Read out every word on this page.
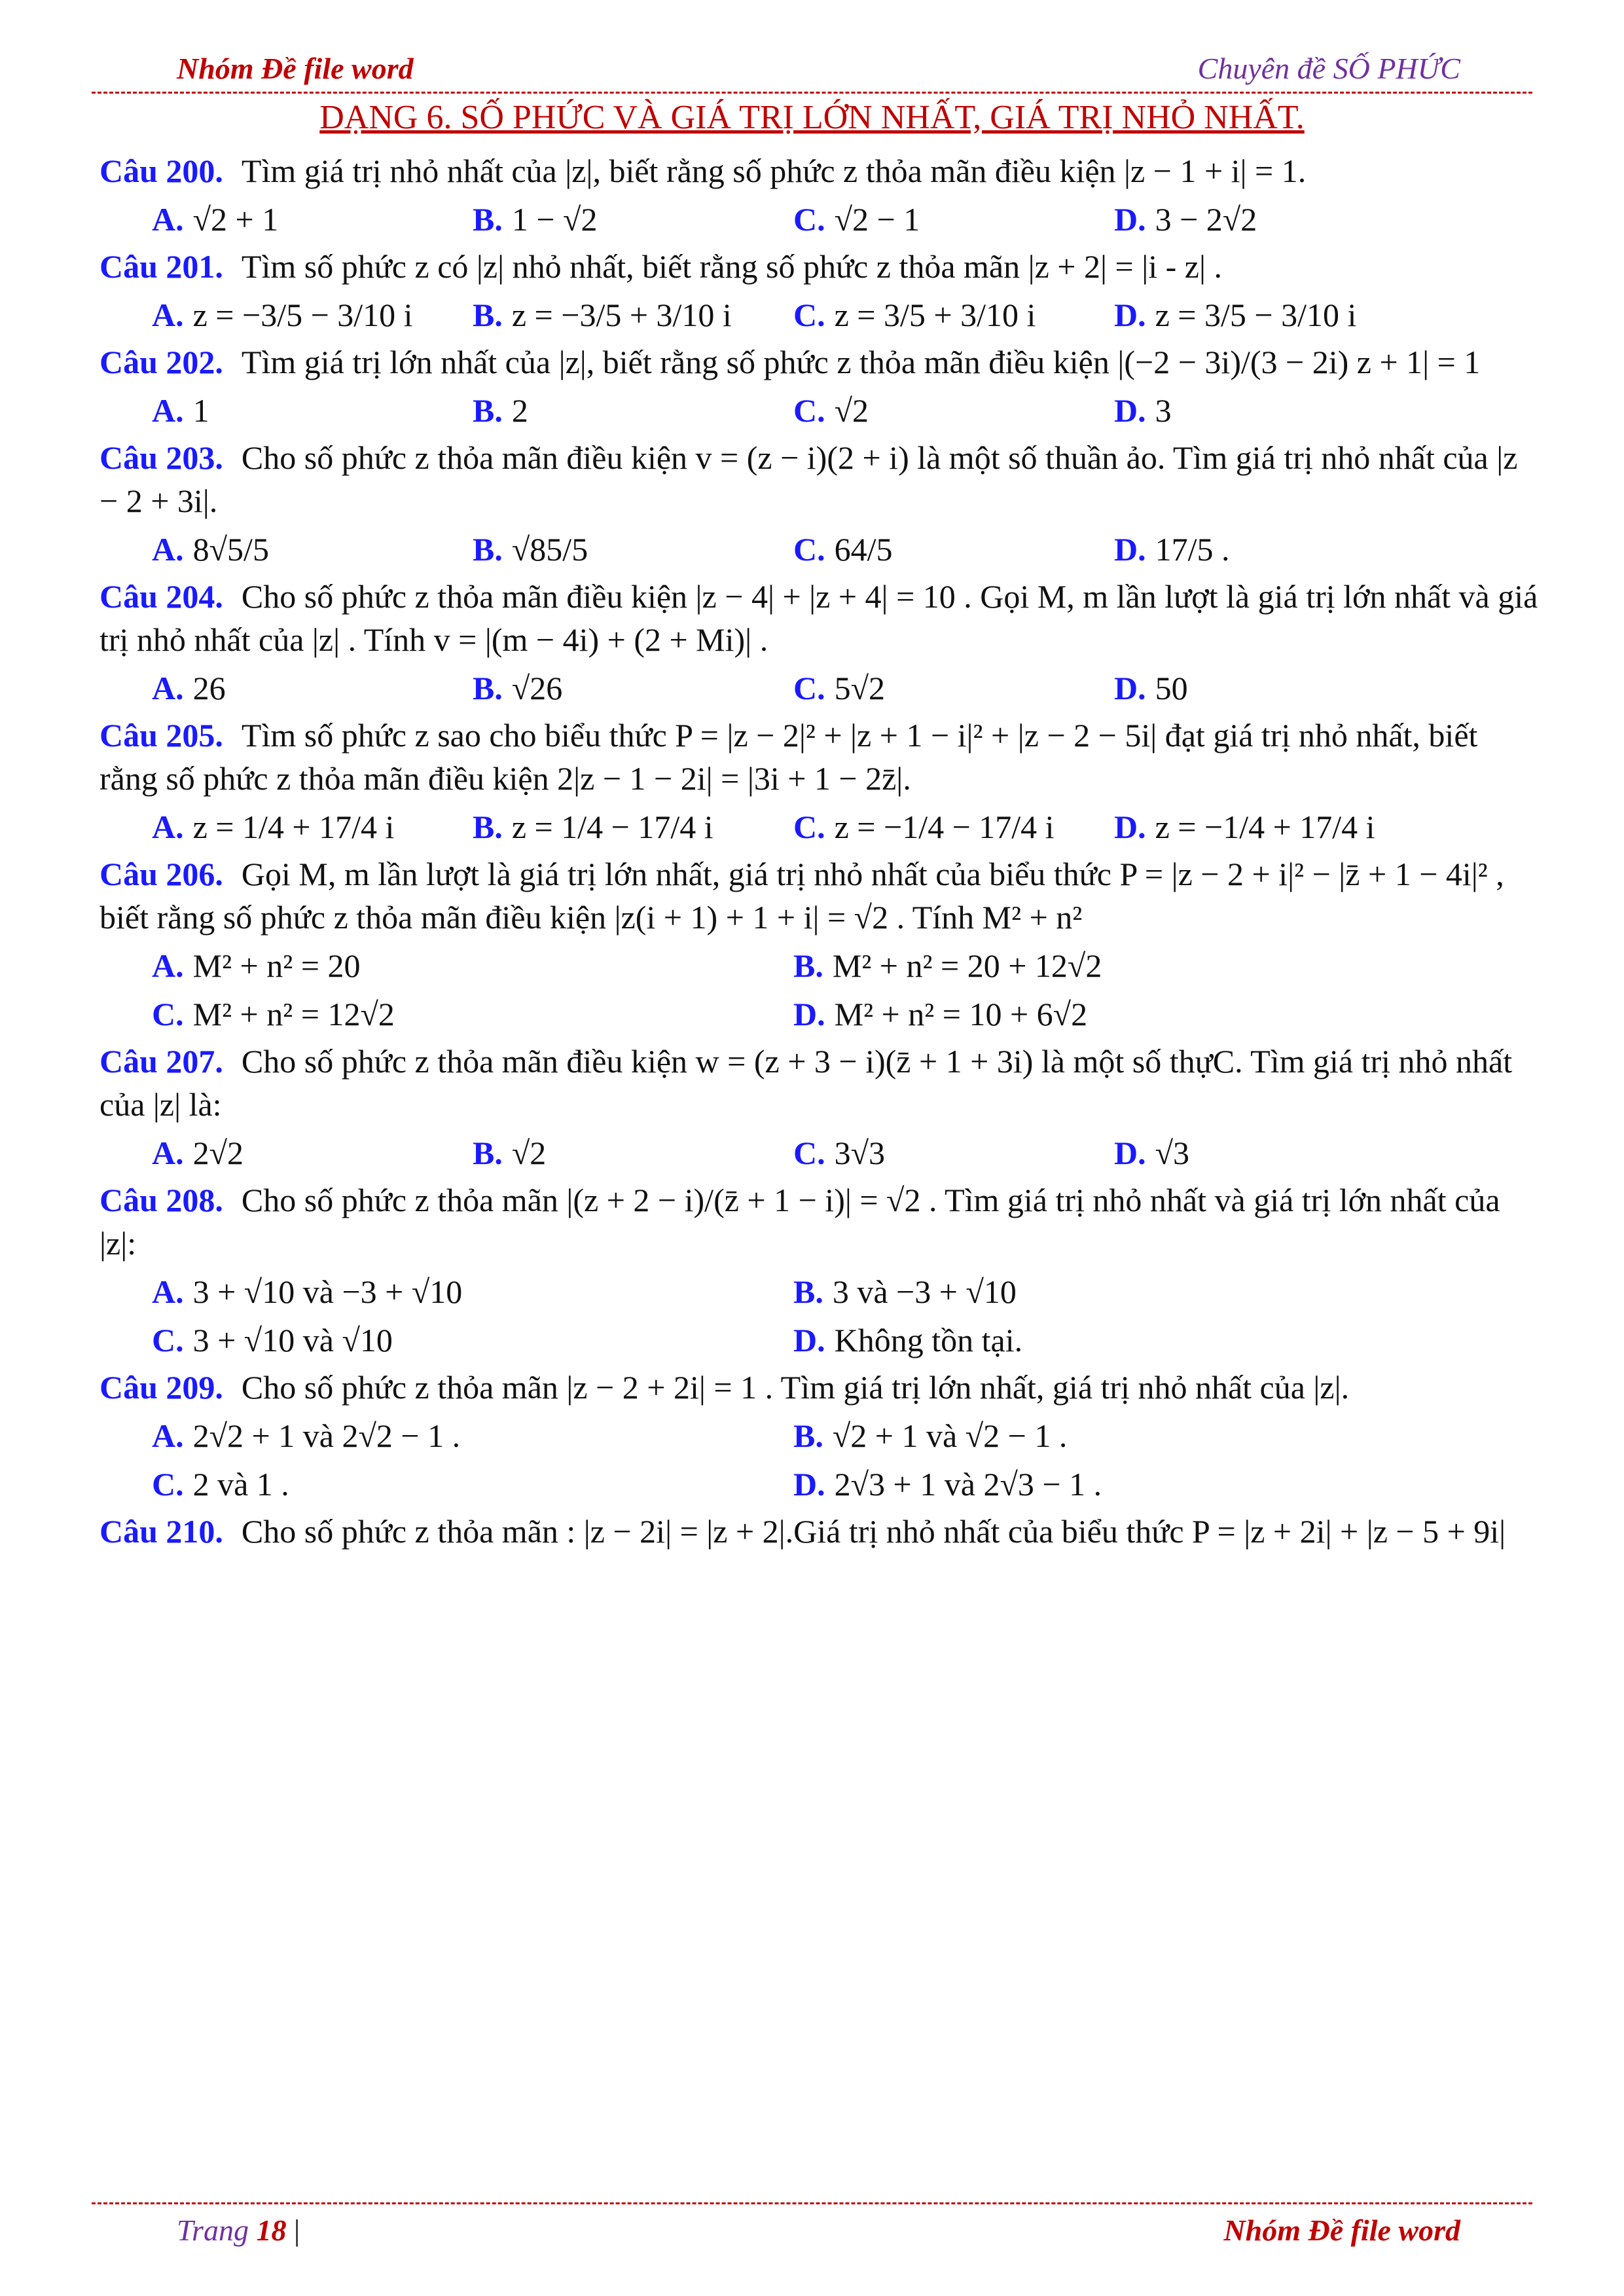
Nhóm Đề file word	Chuyên đề SỐ PHỨC
DẠNG 6. SỐ PHỨC VÀ GIÁ TRỊ LỚN NHẤT, GIÁ TRỊ NHỎ NHẤT.

Câu 200. Tìm giá trị nhỏ nhất của |z|, biết rằng số phức z thỏa mãn điều kiện |z − 1 + i| = 1.

A. √2 + 1	B. 1 − √2	C. √2 − 1	D. 3 − 2√2

Câu 201. Tìm số phức z có |z| nhỏ nhất, biết rằng số phức z thỏa mãn |z + 2| = |i - z| .

A. z = −3/5 − 3/10 i	B. z = −3/5 + 3/10 i	C. z = 3/5 + 3/10 i	D. z = 3/5 − 3/10 i

Câu 202. Tìm giá trị lớn nhất của |z|, biết rằng số phức z thỏa mãn điều kiện |(−2 − 3i)/(3 − 2i) z + 1| = 1

A. 1	B. 2	C. √2	D. 3

Câu 203. Cho số phức z thỏa mãn điều kiện v = (z − i)(2 + i) là một số thuần ảo. Tìm giá trị nhỏ nhất của |z − 2 + 3i|.

A. 8√5/5	B. √85/5	C. 64/5	D. 17/5 .

Câu 204. Cho số phức z thỏa mãn điều kiện |z − 4| + |z + 4| = 10 . Gọi M, m lần lượt là giá trị lớn nhất và giá trị nhỏ nhất của |z| . Tính v = |(m − 4i) + (2 + Mi)| .

A. 26	B. √26	C. 5√2	D. 50

Câu 205. Tìm số phức z sao cho biểu thức P = |z − 2|² + |z + 1 − i|² + |z − 2 − 5i| đạt giá trị nhỏ nhất, biết rằng số phức z thỏa mãn điều kiện 2|z − 1 − 2i| = |3i + 1 − 2z̄|.

A. z = 1/4 + 17/4 i	B. z = 1/4 − 17/4 i	C. z = −1/4 − 17/4 i	D. z = −1/4 + 17/4 i

Câu 206. Gọi M, m lần lượt là giá trị lớn nhất, giá trị nhỏ nhất của biểu thức P = |z − 2 + i|² − |z̄ + 1 − 4i|² , biết rằng số phức z thỏa mãn điều kiện |z(i + 1) + 1 + i| = √2 . Tính M² + n²

A. M² + n² = 20	B. M² + n² = 20 + 12√2
C. M² + n² = 12√2	D. M² + n² = 10 + 6√2

Câu 207. Cho số phức z thỏa mãn điều kiện w = (z + 3 − i)(z̄ + 1 + 3i) là một số thựC. Tìm giá trị nhỏ nhất của |z| là:

A. 2√2	B. √2	C. 3√3	D. √3

Câu 208. Cho số phức z thỏa mãn |(z + 2 − i)/(z̄ + 1 − i)| = √2 . Tìm giá trị nhỏ nhất và giá trị lớn nhất của |z|:

A. 3 + √10 và −3 + √10	B. 3 và −3 + √10
C. 3 + √10 và √10	D. Không tồn tại.

Câu 209. Cho số phức z thỏa mãn |z − 2 + 2i| = 1 . Tìm giá trị lớn nhất, giá trị nhỏ nhất của |z|.

A. 2√2 + 1 và 2√2 − 1 .	B. √2 + 1 và √2 − 1 .
C. 2 và 1 .	D. 2√3 + 1 và 2√3 − 1 .

Câu 210. Cho số phức z thỏa mãn : |z − 2i| = |z + 2|.Giá trị nhỏ nhất của biểu thức P = |z + 2i| + |z − 5 + 9i|

Trang 18 |	Nhóm Đề file word
